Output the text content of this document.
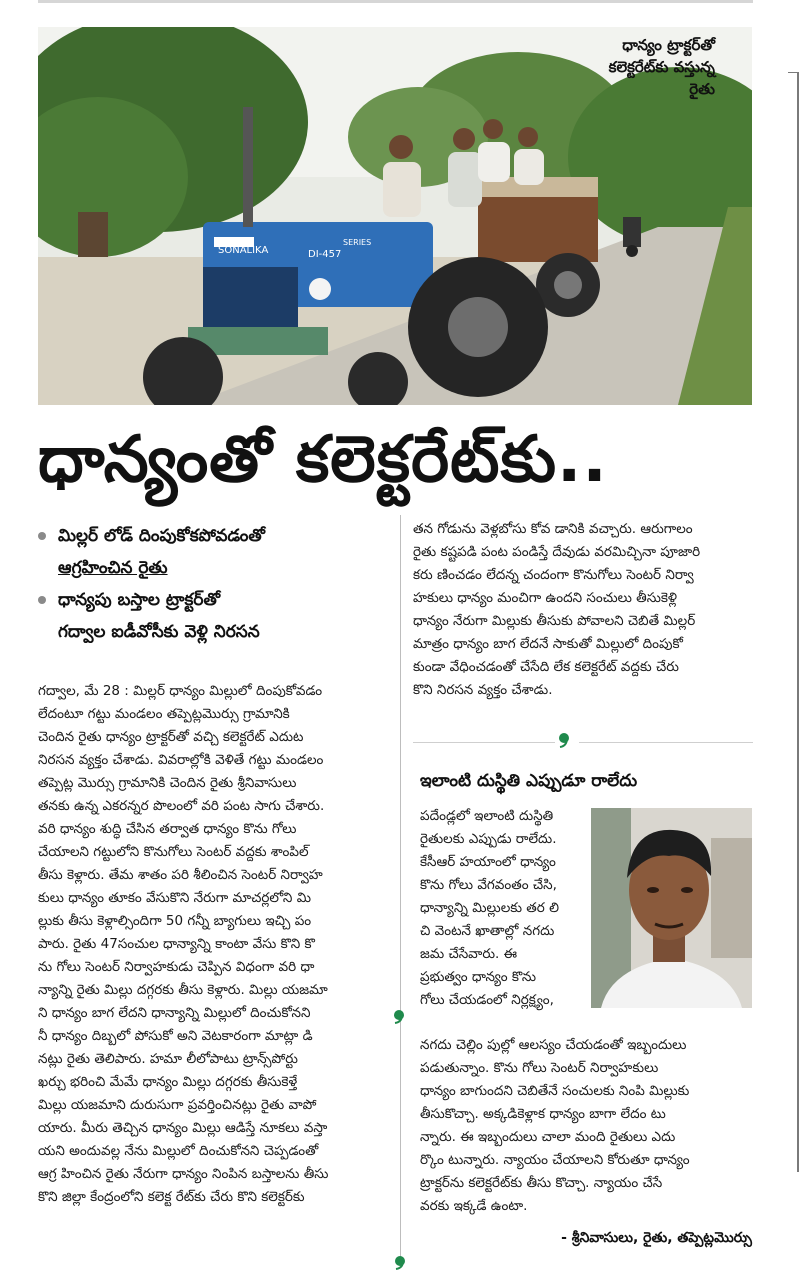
SONALIKA	DI-457
SERIES
ధాన్యం ట్రాక్టర్‌తో
కలెక్టరేట్‌కు వస్తున్న
రైతు
ధాన్యంతో కలెక్టరేట్‌కు..
మిల్లర్ లోడ్ దింపుకోకపోవడంతో
ఆగ్రహించిన రైతు
ధాన్యపు బస్తాల ట్రాక్టర్‌తో
గద్వాల ఐడీవోసీకు వెళ్లి నిరసన
గద్వాల, మే 28 : మిల్లర్ ధాన్యం మిల్లులో దింపుకోవడం
లేదంటూ గట్టు మండలం తప్పెట్లమొర్సు గ్రామానికి
చెందిన రైతు ధాన్యం ట్రాక్టర్‌తో వచ్చి కలెక్టరేట్ ఎదుట
నిరసన వ్యక్తం చేశాడు. వివరాల్లోకి వెళితే గట్టు మండలం
తప్పెట్ల మొర్సు గ్రామానికి చెందిన రైతు శ్రీనివాసులు
తనకు ఉన్న ఎకరన్నర పొలంలో వరి పంట సాగు చేశారు.
వరి ధాన్యం శుద్ధి చేసిన తర్వాత ధాన్యం కొను గోలు
చేయాలని గట్టులోని కొనుగోలు సెంటర్ వద్దకు శాంపిల్
తీసు కెళ్లారు. తేమ శాతం పరి శీలించిన సెంటర్ నిర్వాహ
కులు ధాన్యం తూకం వేసుకొని నేరుగా మాచర్లలోని మి
ల్లుకు తీసు కెళ్లాల్సిందిగా 50 గన్నీ బ్యాగులు ఇచ్చి పం
పారు. రైతు 47సంచుల ధాన్యాన్ని కాంటా వేసు కొని కొ
ను గోలు సెంటర్ నిర్వాహకుడు చెప్పిన విధంగా వరి ధా
న్యాన్ని రైతు మిల్లు దగ్గరకు తీసు కెళ్లారు. మిల్లు యజమా
ని ధాన్యం బాగ లేదని ధాన్యాన్ని మిల్లులో దించుకోనని
నీ ధాన్యం దిబ్బలో పోసుకో అని వెటకారంగా మాట్లా డి
నట్లు రైతు తెలిపారు. హమా లీలోపాటు ట్రాన్స్‌పోర్టు
ఖర్చు భరించి మేమే ధాన్యం మిల్లు దగ్గరకు తీసుకెళ్తే
మిల్లు యజమాని దురుసుగా ప్రవర్తించినట్లు రైతు వాపో
యారు. మీరు తెచ్చిన ధాన్యం మిల్లు ఆడిస్తే నూకలు వస్తా
యని అందువల్ల నేను మిల్లులో దించుకోనని చెప్పడంతో
ఆగ్ర హించిన రైతు నేరుగా ధాన్యం నింపిన బస్తాలను తీసు
కొని జిల్లా కేంద్రంలోని కలెక్ట రేట్‌కు చేరు కొని కలెక్టర్‌కు
తన గోడును వెళ్లబోసు కోవ డానికి వచ్చారు. ఆరుగాలం
రైతు కష్టపడి పంట పండిస్తే దేవుడు వరమిచ్చినా పూజారి
కరు ణించడం లేదన్న చందంగా కొనుగోలు సెంటర్ నిర్వా
హకులు ధాన్యం మంచిగా ఉందని సంచులు తీసుకెళ్లి
ధాన్యం నేరుగా మిల్లుకు తీసుకు పోవాలని చెబితే మిల్లర్
మాత్రం ధాన్యం బాగ లేదనే సాకుతో మిల్లులో దింపుకో
కుండా వేధించడంతో చేసేది లేక కలెక్టరేట్ వద్దకు చేరు
కొని నిరసన వ్యక్తం చేశాడు.
ఇలాంటి దుస్థితి ఎప్పుడూ రాలేదు
పదేండ్లలో ఇలాంటి దుస్థితి
రైతులకు ఎప్పుడు రాలేదు.
కేసీఆర్ హయాంలో ధాన్యం
కొను గోలు వేగవంతం చేసి,
ధాన్యాన్ని మిల్లులకు తర లి
చి వెంటనే ఖాతాల్లో నగదు
జమ చేసేవారు. ఈ
ప్రభుత్వం ధాన్యం కొను
గోలు చేయడంలో నిర్లక్ష్యం,
నగదు చెల్లిం పుల్లో ఆలస్యం చేయడంతో ఇబ్బందులు
పడుతున్నాం. కొను గోలు సెంటర్ నిర్వాహకులు
ధాన్యం బాగుందని చెబితేనే సంచులకు నింపి మిల్లుకు
తీసుకొచ్చా. అక్కడికెళ్లాక ధాన్యం బాగా లేదం టు
న్నారు. ఈ ఇబ్బందులు చాలా మంది రైతులు ఎదు
ర్కొం టున్నారు. న్యాయం చేయాలని కోరుతూ ధాన్యం
ట్రాక్టర్‌ను కలెక్టరేట్‌కు తీసు కొచ్చా. న్యాయం చేసే
వరకు ఇక్కడే ఉంటా.
- శ్రీనివాసులు, రైతు, తప్పెట్లమొర్సు
